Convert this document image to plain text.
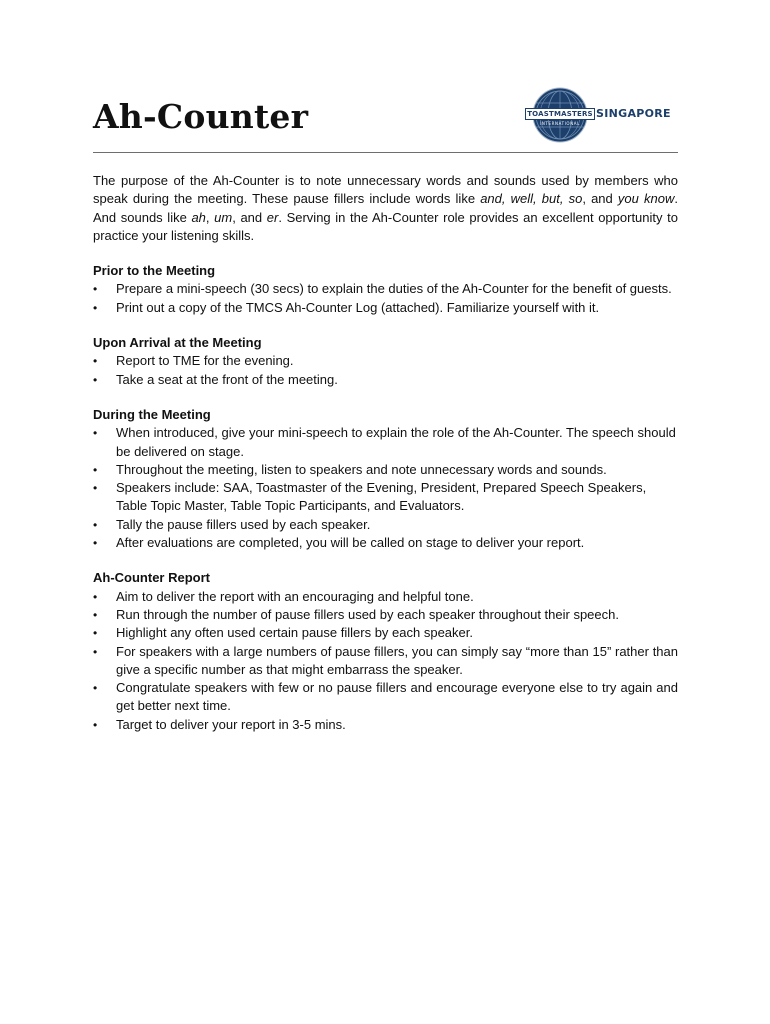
Ah-Counter	TOASTMASTERS
INTERNATIONAL
SINGAPORE

The purpose of the Ah-Counter is to note unnecessary words and sounds used by members who speak during the meeting. These pause fillers include words like and, well, but, so, and you know. And sounds like ah, um, and er. Serving in the Ah-Counter role provides an excellent opportunity to practice your listening skills.

Prior to the Meeting
• Prepare a mini-speech (30 secs) to explain the duties of the Ah-Counter for the benefit of guests.
• Print out a copy of the TMCS Ah-Counter Log (attached). Familiarize yourself with it.
Upon Arrival at the Meeting
• Report to TME for the evening.
• Take a seat at the front of the meeting.
During the Meeting
• When introduced, give your mini-speech to explain the role of the Ah-Counter. The speech should be delivered on stage.
• Throughout the meeting, listen to speakers and note unnecessary words and sounds.
• Speakers include: SAA, Toastmaster of the Evening, President, Prepared Speech Speakers, Table Topic Master, Table Topic Participants, and Evaluators.
• Tally the pause fillers used by each speaker.
• After evaluations are completed, you will be called on stage to deliver your report.
Ah-Counter Report
• Aim to deliver the report with an encouraging and helpful tone.
• Run through the number of pause fillers used by each speaker throughout their speech.
• Highlight any often used certain pause fillers by each speaker.
• For speakers with a large numbers of pause fillers, you can simply say “more than 15” rather than give a specific number as that might embarrass the speaker.
• Congratulate speakers with few or no pause fillers and encourage everyone else to try again and get better next time.
• Target to deliver your report in 3-5 mins.
